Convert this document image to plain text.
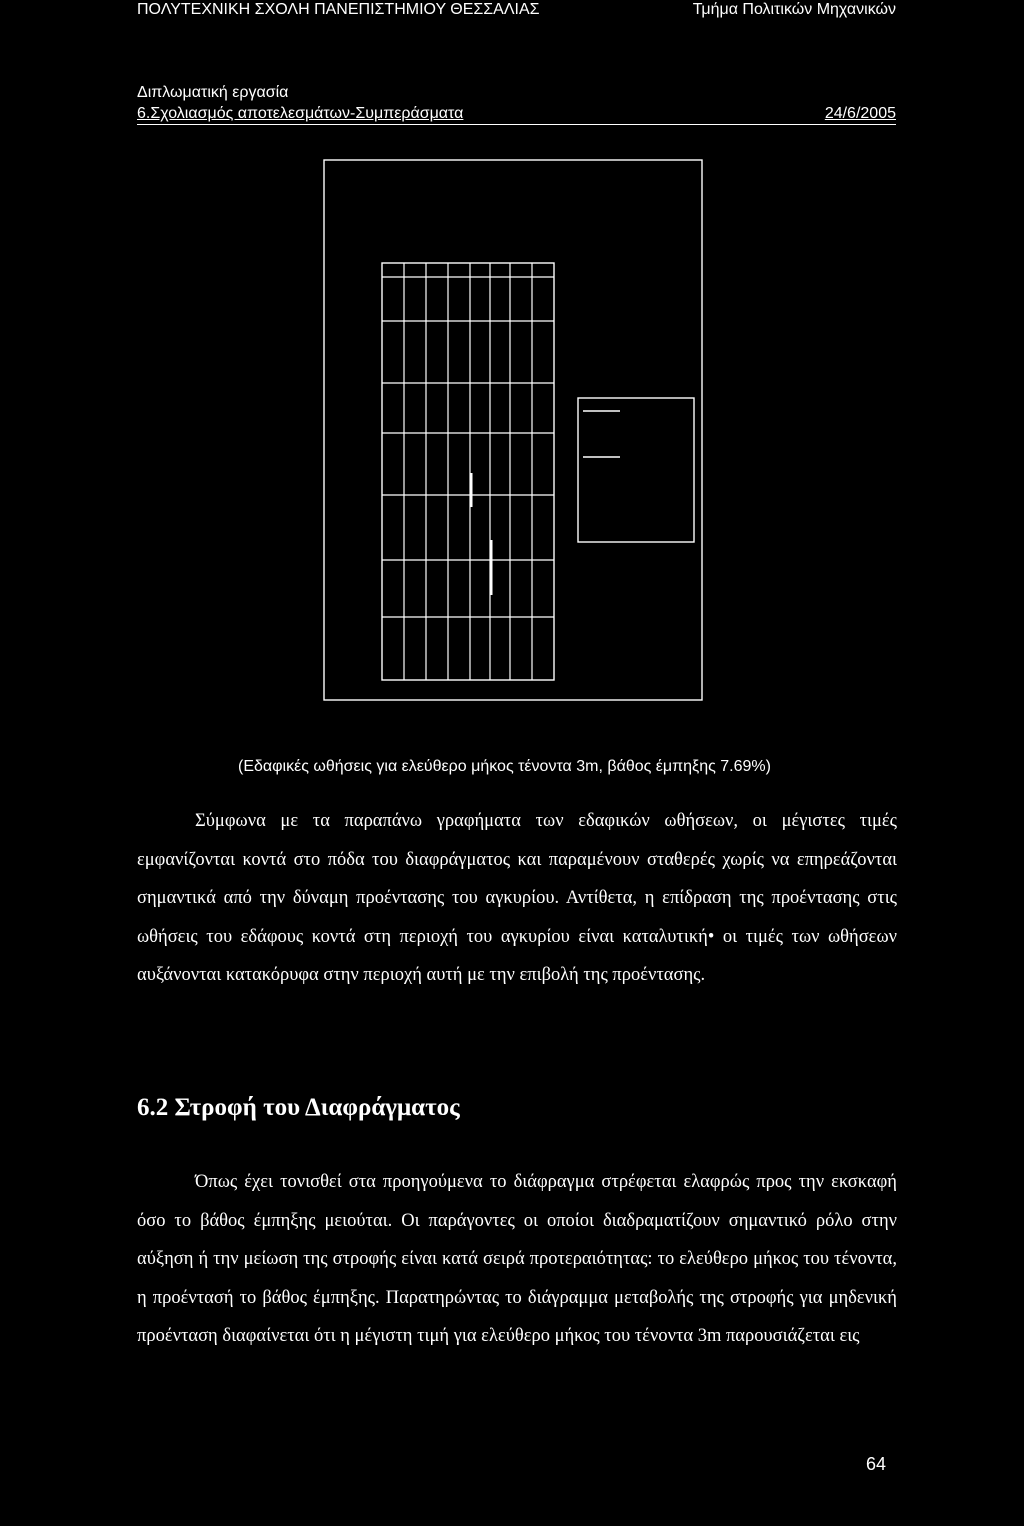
ΠΟΛΥΤΕΧΝΙΚΗ ΣΧΟΛΗ ΠΑΝΕΠΙΣΤΗΜΙΟΥ ΘΕΣΣΑΛΙΑΣ	Τμήμα Πολιτικών Μηχανικών
Διπλωματική εργασία
6.Σχολιασμός αποτελεσμάτων-Συμπεράσματα	24/6/2005
(Εδαφικές ωθήσεις για ελεύθερο μήκος τένοντα 3m, βάθος έμπηξης 7.69%)
Σύμφωνα με τα παραπάνω γραφήματα των εδαφικών ωθήσεων, οι μέγιστες τιμές εμφανίζονται κοντά στο πόδα του διαφράγματος και παραμένουν σταθερές χωρίς να επηρεάζονται σημαντικά από την δύναμη προέντασης του αγκυρίου. Αντίθετα, η επίδραση της προέντασης στις ωθήσεις του εδάφους κοντά στη περιοχή του αγκυρίου είναι καταλυτική• οι τιμές των ωθήσεων αυξάνονται κατακόρυφα στην περιοχή αυτή με την επιβολή της προέντασης.
6.2 Στροφή του Διαφράγματος
Όπως έχει τονισθεί στα προηγούμενα το διάφραγμα στρέφεται ελαφρώς προς την εκσκαφή όσο το βάθος έμπηξης μειούται. Οι παράγοντες οι οποίοι διαδραματίζουν σημαντικό ρόλο στην αύξηση ή την μείωση της στροφής είναι κατά σειρά προτεραιότητας: το ελεύθερο μήκος του τένοντα, η προέντασή το βάθος έμπηξης. Παρατηρώντας το διάγραμμα μεταβολής της στροφής για μηδενική προένταση διαφαίνεται ότι η μέγιστη τιμή για ελεύθερο μήκος του τένοντα 3m παρουσιάζεται εις
64
